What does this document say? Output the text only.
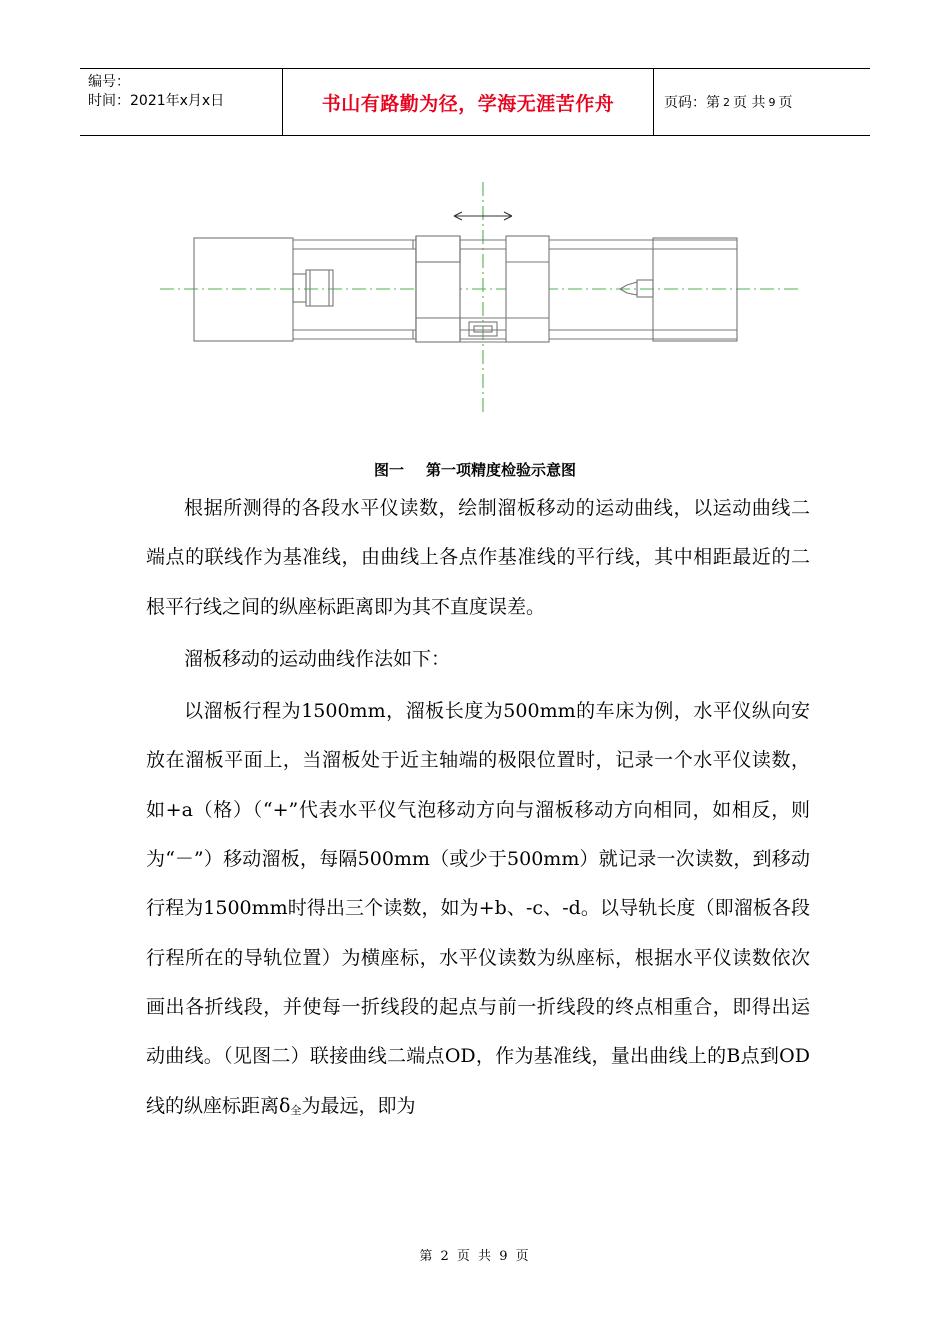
编号：
时间：2021年x月x日	书山有路勤为径，学海无涯苦作舟	页码：第 2 页 共 9 页
图一 第一项精度检验示意图

根据所测得的各段水平仪读数，绘制溜板移动的运动曲线，以运动曲线二端点的联线作为基准线，由曲线上各点作基准线的平行线，其中相距最近的二根平行线之间的纵座标距离即为其不直度误差。

溜板移动的运动曲线作法如下：

以溜板行程为1500mm，溜板长度为500mm的车床为例，水平仪纵向安放在溜板平面上，当溜板处于近主轴端的极限位置时，记录一个水平仪读数，如+a（格）（“+”代表水平仪气泡移动方向与溜板移动方向相同，如相反，则为“－”）移动溜板，每隔500mm（或少于500mm）就记录一次读数，到移动行程为1500mm时得出三个读数，如为+b、-c、-d。以导轨长度（即溜板各段行程所在的导轨位置）为横座标，水平仪读数为纵座标，根据水平仪读数依次画出各折线段，并使每一折线段的起点与前一折线段的终点相重合，即得出运动曲线。（见图二）联接曲线二端点OD，作为基准线，量出曲线上的B点到OD线的纵座标距离$\delta_全$为最远，即为

第 2 页 共 9 页
